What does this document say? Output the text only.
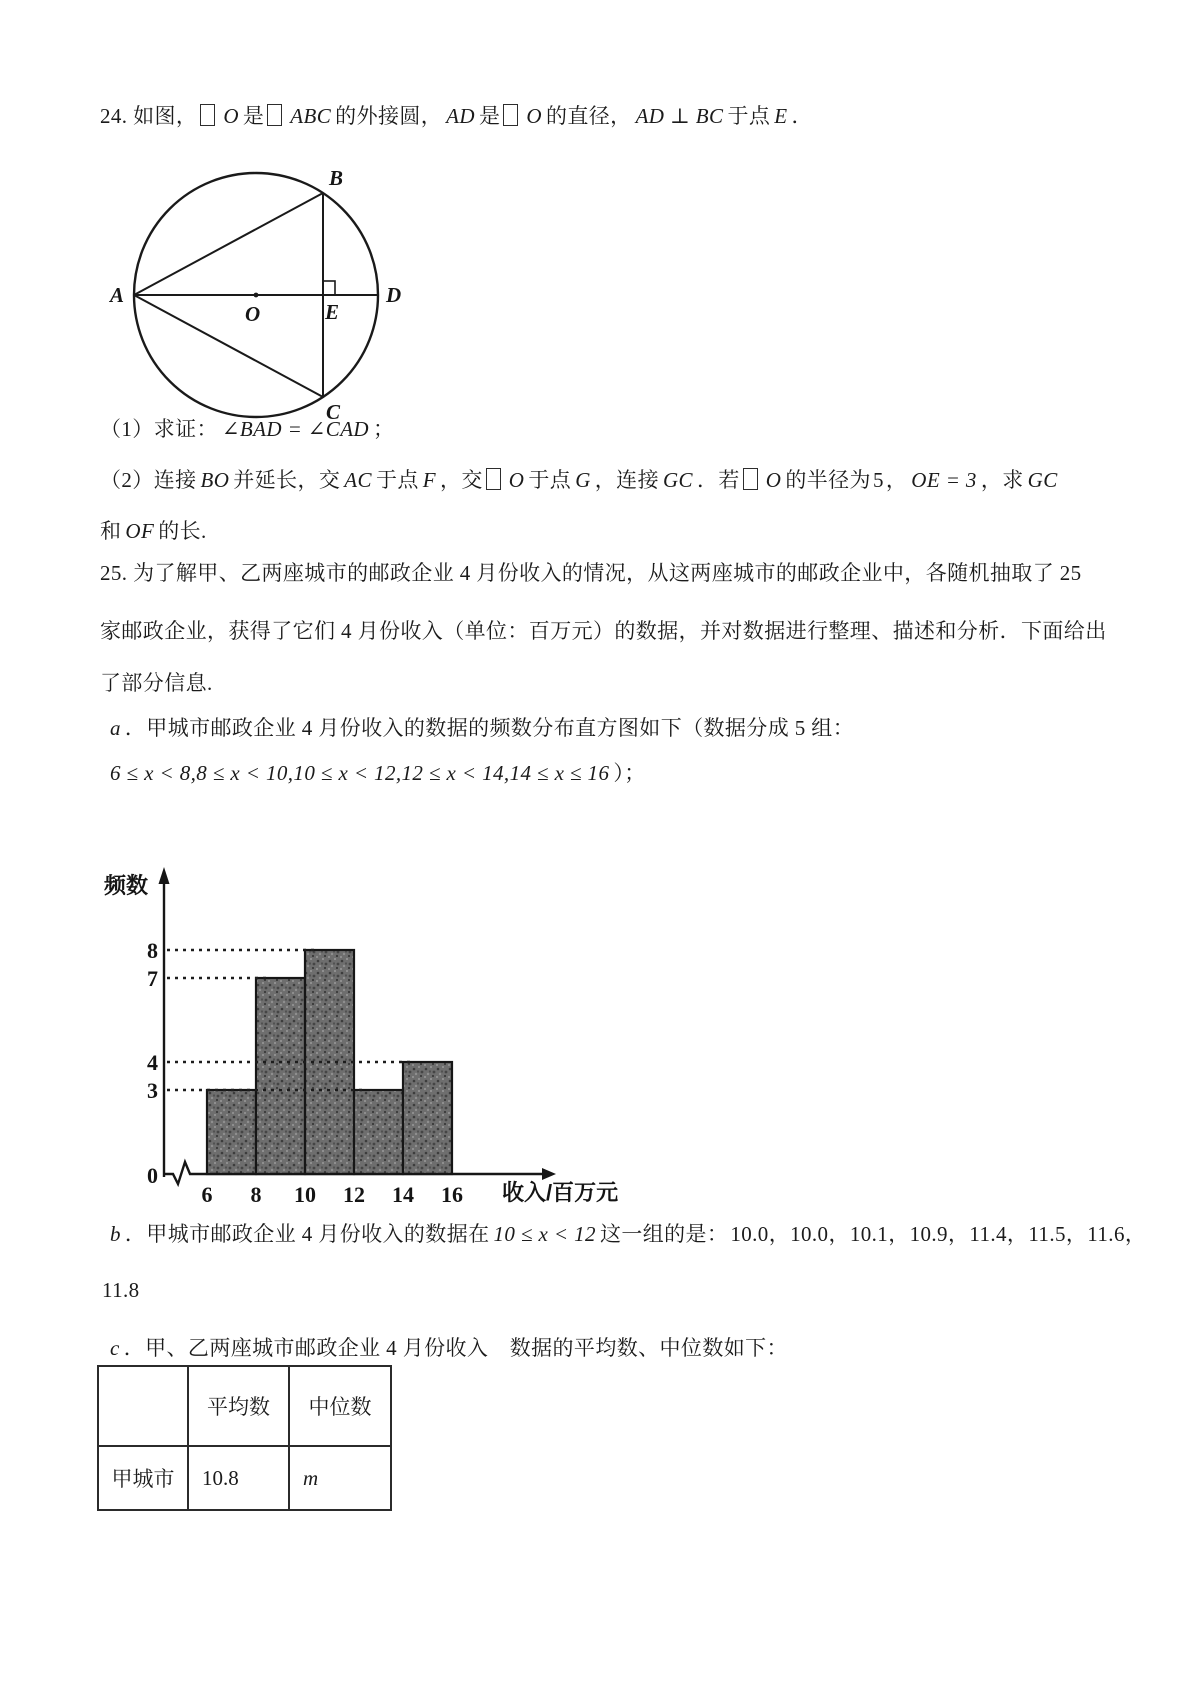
24. 如图， O 是 ABC 的外接圆， AD 是 O 的直径， AD ⊥ BC 于点 E ．
A
B
C
D
O	E
（1）求证： ∠BAD = ∠CAD ；
（2）连接 BO 并延长，交 AC 于点 F ，交 O 于点 G ，连接 GC ．若 O 的半径为5， OE = 3 ，求 GC
和 OF 的长.
25. 为了解甲、乙两座城市的邮政企业 4 月份收入的情况，从这两座城市的邮政企业中，各随机抽取了 25
家邮政企业，获得了它们 4 月份收入（单位：百万元）的数据，并对数据进行整理、描述和分析．下面给出
了部分信息.
a ．甲城市邮政企业 4 月份收入的数据的频数分布直方图如下（数据分成 5 组：
6 ≤ x < 8,8 ≤ x < 10,10 ≤ x < 12,12 ≤ x < 14,14 ≤ x ≤ 16 ）；
8
7
4
3
0
6 8 10 12 14 16
频数
收入/百万元
b ．甲城市邮政企业 4 月份收入的数据在 10 ≤ x < 12 这一组的是：10.0，10.0，10.1，10.9，11.4，11.5，11.6，
11.8
c ．甲、乙两座城市邮政企业 4 月份收入　数据的平均数、中位数如下：
	平均数	中位数
甲城市	10.8	m
